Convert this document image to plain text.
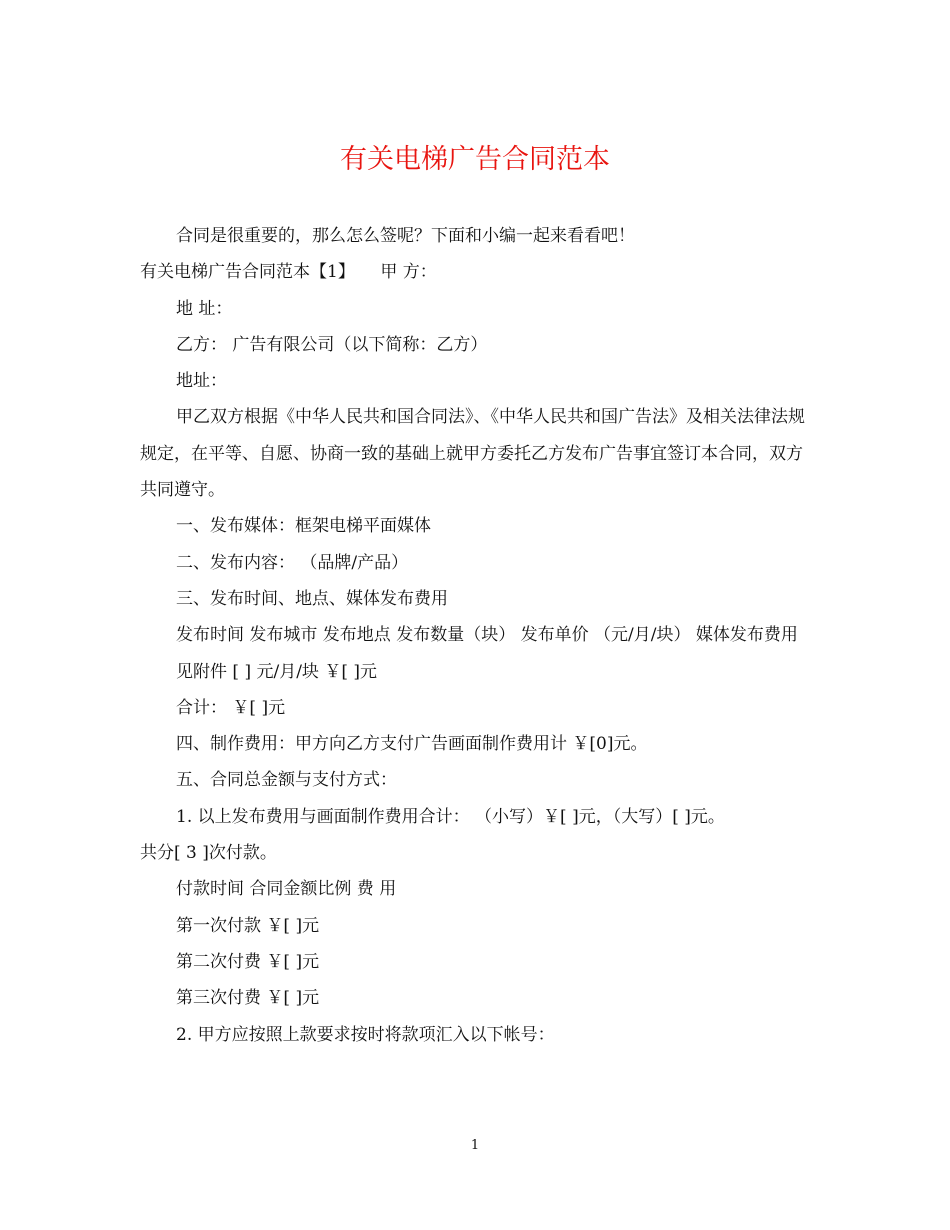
有关电梯广告合同范本

合同是很重要的，那么怎么签呢？下面和小编一起来看看吧！

有关电梯广告合同范本【1】　　甲 方：

地 址：

乙方： 广告有限公司（以下简称：乙方）

地址：

甲乙双方根据《中华人民共和国合同法》、《中华人民共和国广告法》及相关法律法规规定，在平等、自愿、协商一致的基础上就甲方委托乙方发布广告事宜签订本合同，双方共同遵守。

一、发布媒体：框架电梯平面媒体

二、发布内容： （品牌/产品）

三、发布时间、地点、媒体发布费用

发布时间 发布城市 发布地点 发布数量（块） 发布单价 （元/月/块） 媒体发布费用

见附件 [ ] 元/月/块 ￥[ ]元

合计： ￥[ ]元

四、制作费用：甲方向乙方支付广告画面制作费用计 ￥[0]元。

五、合同总金额与支付方式：

1. 以上发布费用与画面制作费用合计： （小写）￥[ ]元，（大写）[ ]元。

共分[ 3 ]次付款。

付款时间 合同金额比例 费 用

第一次付款 ￥[ ]元

第二次付费 ￥[ ]元

第三次付费 ￥[ ]元

2. 甲方应按照上款要求按时将款项汇入以下帐号：

1
